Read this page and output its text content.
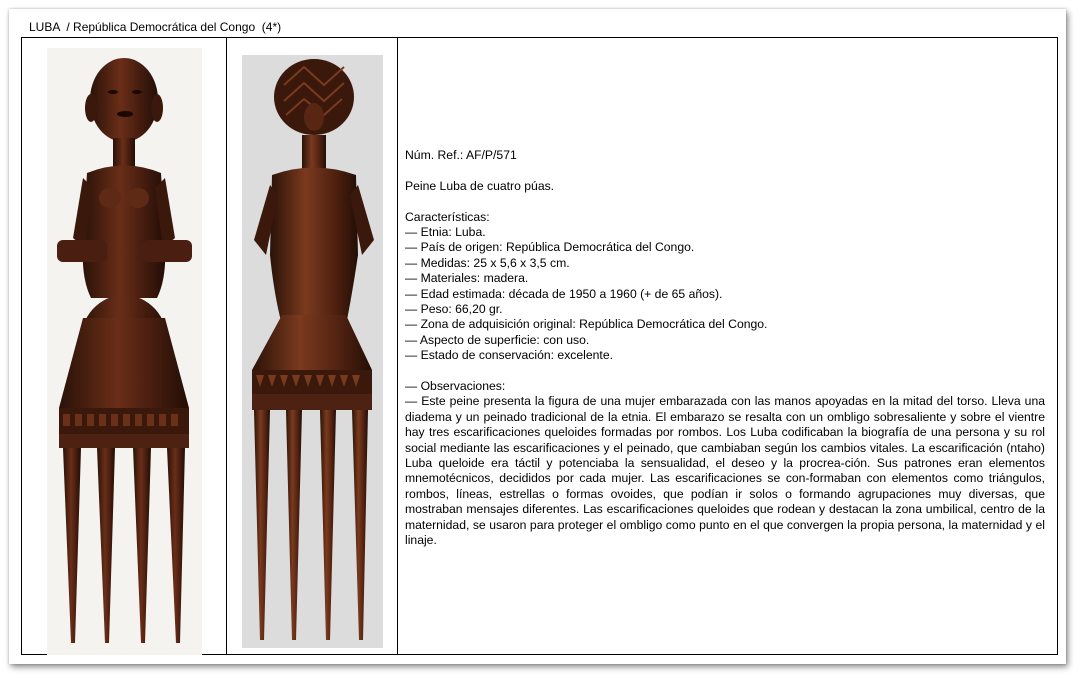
LUBA  / República Democrática del Congo  (4*)

Núm. Ref.: AF/P/571

Peine Luba de cuatro púas.

Características:

— Etnia: Luba.

— País de origen: República Democrática del Congo.

— Medidas: 25 x 5,6 x 3,5 cm.

— Materiales: madera.

— Edad estimada: década de 1950 a 1960 (+ de 65 años).

— Peso: 66,20 gr.

— Zona de adquisición original: República Democrática del Congo.

— Aspecto de superficie: con uso.

— Estado de conservación: excelente.

— Observaciones:

— Este peine presenta la figura de una mujer embarazada con las manos apoyadas en la mitad del torso. Lleva una diadema y un peinado tradicional de la etnia. El embarazo se resalta con un ombligo sobresaliente y sobre el vientre hay tres escarificaciones queloides formadas por rombos. Los Luba codificaban la biografía de una persona y su rol social mediante las escarificaciones y el peinado, que cambiaban según los cambios vitales. La escarificación (ntaho) Luba queloide era táctil y potenciaba la sensualidad, el deseo y la procrea-ción. Sus patrones eran elementos mnemotécnicos, decididos por cada mujer. Las escarificaciones se con-formaban con elementos como triángulos, rombos, líneas, estrellas o formas ovoides, que podían ir solos o formando agrupaciones muy diversas, que mostraban mensajes diferentes. Las escarificaciones queloides que rodean y destacan la zona umbilical, centro de la maternidad, se usaron para proteger el ombligo como punto en el que convergen la propia persona, la maternidad y el linaje.
